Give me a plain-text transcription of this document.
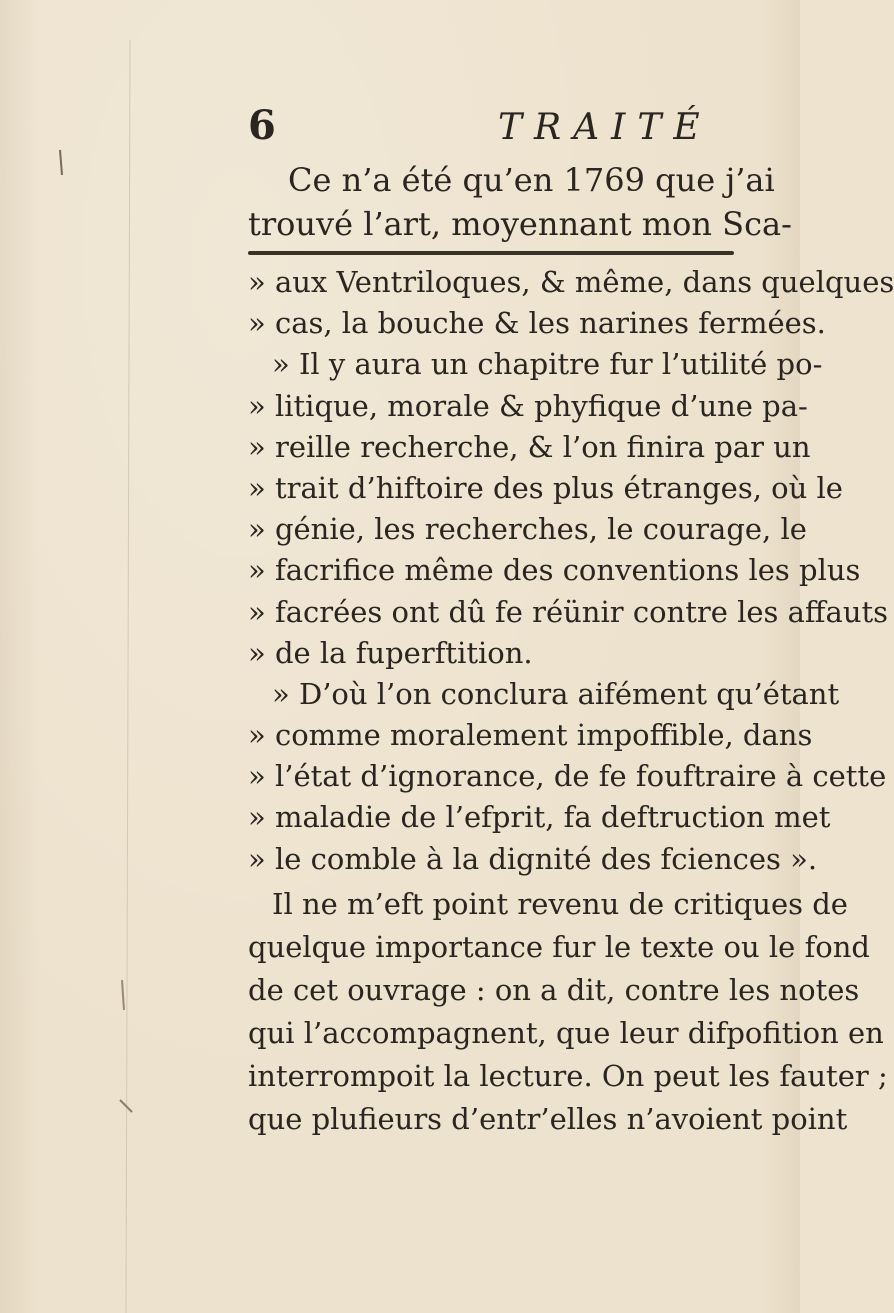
6	TRAITÉ
Ce n’a été qu’en 1769 que j’ai
trouvé l’art, moyennant mon Sca-
» aux Ventriloques, & même, dans quelques
» cas, la bouche & les narines fermées.
» Il y aura un chapitre fur l’utilité po-
» litique, morale & phyfique d’une pa-
» reille recherche, & l’on finira par un
» trait d’hiftoire des plus étranges, où le
» génie, les recherches, le courage, le
» facrifice même des conventions les plus
» facrées ont dû fe réünir contre les affauts
» de la fuperftition.
» D’où l’on conclura aifément qu’étant
» comme moralement impoffible, dans
» l’état d’ignorance, de fe fouftraire à cette
» maladie de l’efprit, fa deftruction met
» le comble à la dignité des fciences ».
Il ne m’eft point revenu de critiques de
quelque importance fur le texte ou le fond
de cet ouvrage : on a dit, contre les notes
qui l’accompagnent, que leur difpofition en
interrompoit la lecture. On peut les fauter ;
que plufieurs d’entr’elles n’avoient point
